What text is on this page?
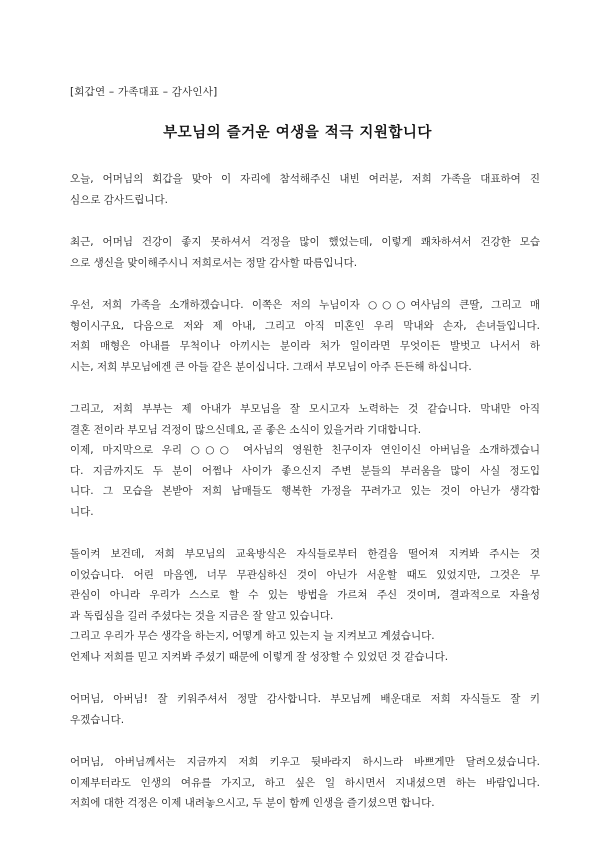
[회갑연 – 가족대표 – 감사인사]
부모님의 즐거운 여생을 적극 지원합니다
오늘, 어머님의 회갑을 맞아 이 자리에 참석해주신 내빈 여러분, 저희 가족을 대표하여 진
심으로 감사드립니다.
최근, 어머님 건강이 좋지 못하셔서 걱정을 많이 했었는데, 이렇게 쾌차하셔서 건강한 모습
으로 생신을 맞이해주시니 저희로서는 정말 감사할 따름입니다.
우선, 저희 가족을 소개하겠습니다. 이쪽은 저의 누님이자 ○○○여사님의 큰딸, 그리고 매
형이시구요, 다음으로 저와 제 아내, 그리고 아직 미혼인 우리 막내와 손자, 손녀들입니다.
저희 매형은 아내를 무척이나 아끼시는 분이라 처가 일이라면 무엇이든 발벗고 나서서 하
시는, 저희 부모님에겐 큰 아들 같은 분이십니다. 그래서 부모님이 아주 든든해 하십니다.
그리고, 저희 부부는 제 아내가 부모님을 잘 모시고자 노력하는 것 같습니다. 막내만 아직
결혼 전이라 부모님 걱정이 많으신데요, 곧 좋은 소식이 있을거라 기대합니다.
이제, 마지막으로 우리 ○○○ 여사님의 영원한 친구이자 연인이신 아버님을 소개하겠습니
다. 지금까지도 두 분이 어쩜나 사이가 좋으신지 주변 분들의 부러움을 많이 사실 정도입
니다. 그 모습을 본받아 저희 남매들도 행복한 가정을 꾸려가고 있는 것이 아닌가 생각합
니다.
돌이켜 보건데, 저희 부모님의 교육방식은 자식들로부터 한걸음 떨어져 지켜봐 주시는 것
이었습니다. 어린 마음엔, 너무 무관심하신 것이 아닌가 서운할 때도 있었지만, 그것은 무
관심이 아니라 우리가 스스로 할 수 있는 방법을 가르쳐 주신 것이며, 결과적으로 자율성
과 독립심을 길러 주셨다는 것을 지금은 잘 알고 있습니다.
그리고 우리가 무슨 생각을 하는지, 어떻게 하고 있는지 늘 지켜보고 계셨습니다.
언제나 저희를 믿고 지켜봐 주셨기 때문에 이렇게 잘 성장할 수 있었던 것 같습니다.
어머님, 아버님! 잘 키워주셔서 정말 감사합니다. 부모님께 배운대로 저희 자식들도 잘 키
우겠습니다.
어머님, 아버님께서는 지금까지 저희 키우고 뒷바라지 하시느라 바쁘게만 달려오셨습니다.
이제부터라도 인생의 여유를 가지고, 하고 싶은 일 하시면서 지내셨으면 하는 바람입니다.
저희에 대한 걱정은 이제 내려놓으시고, 두 분이 함께 인생을 즐기셨으면 합니다.
